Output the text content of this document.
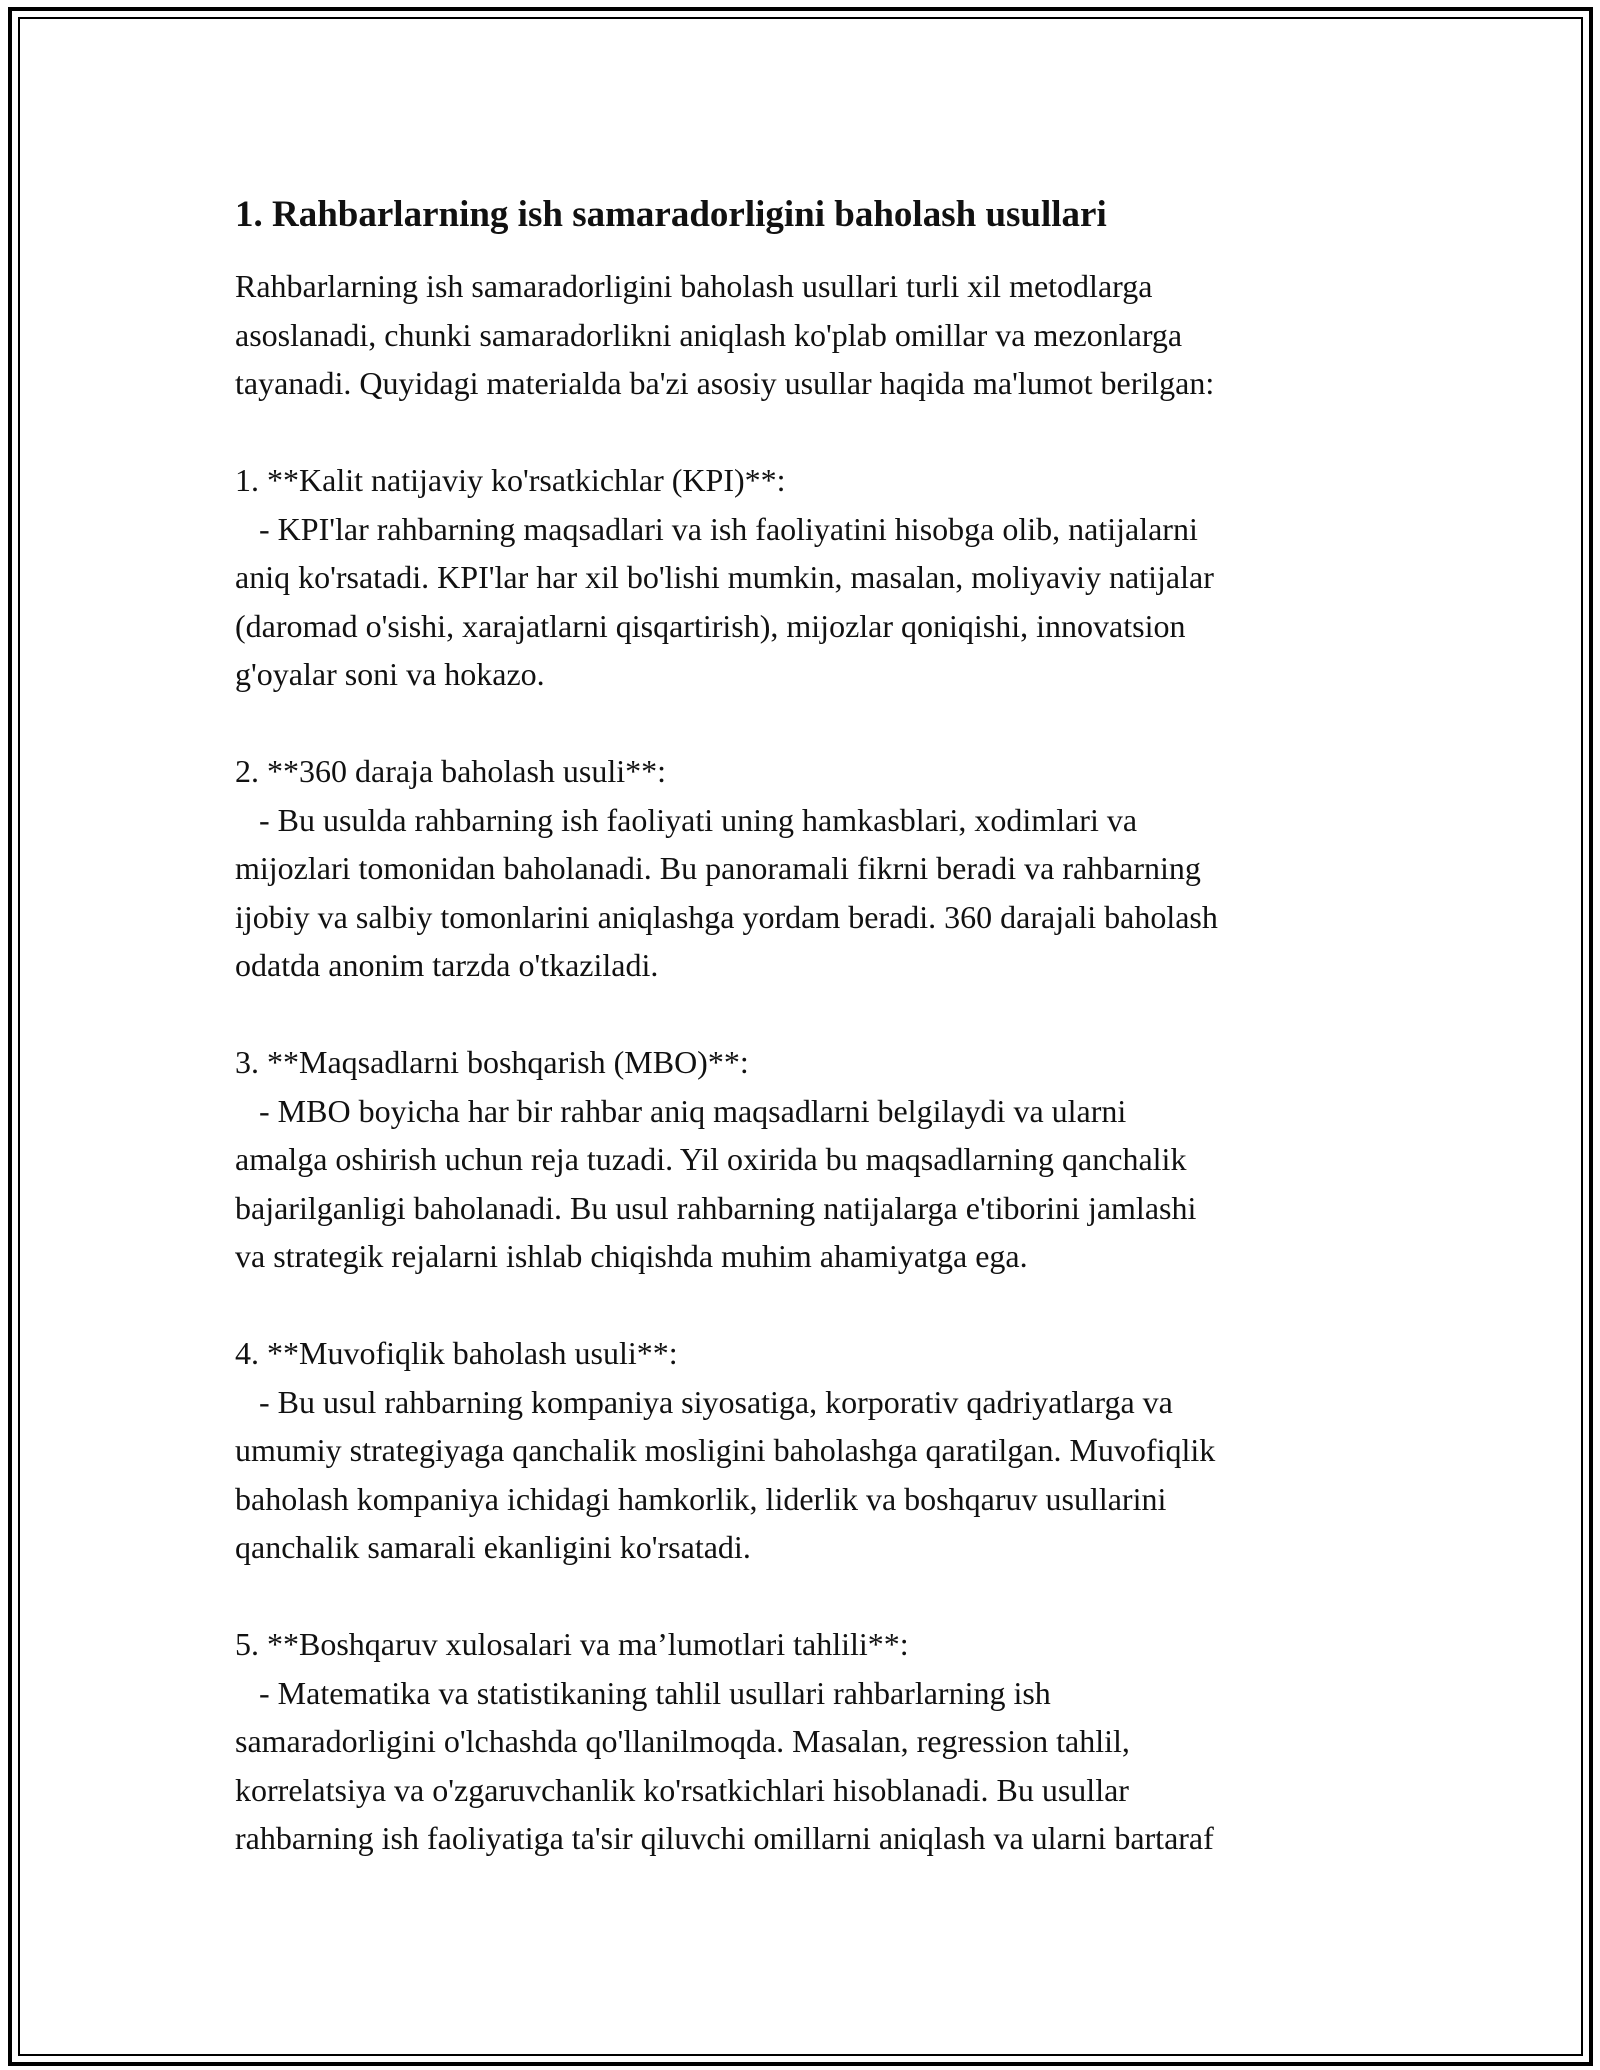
1. Rahbarlarning ish samaradorligini baholash usullari

Rahbarlarning ish samaradorligini baholash usullari turli xil metodlarga
asoslanadi, chunki samaradorlikni aniqlash ko'plab omillar va mezonlarga
tayanadi. Quyidagi materialda ba'zi asosiy usullar haqida ma'lumot berilgan:

1. **Kalit natijaviy ko'rsatkichlar (KPI)**:
- KPI'lar rahbarning maqsadlari va ish faoliyatini hisobga olib, natijalarni
aniq ko'rsatadi. KPI'lar har xil bo'lishi mumkin, masalan, moliyaviy natijalar
(daromad o'sishi, xarajatlarni qisqartirish), mijozlar qoniqishi, innovatsion
g'oyalar soni va hokazo.

2. **360 daraja baholash usuli**:
- Bu usulda rahbarning ish faoliyati uning hamkasblari, xodimlari va
mijozlari tomonidan baholanadi. Bu panoramali fikrni beradi va rahbarning
ijobiy va salbiy tomonlarini aniqlashga yordam beradi. 360 darajali baholash
odatda anonim tarzda o'tkaziladi.

3. **Maqsadlarni boshqarish (MBO)**:
- MBO boyicha har bir rahbar aniq maqsadlarni belgilaydi va ularni
amalga oshirish uchun reja tuzadi. Yil oxirida bu maqsadlarning qanchalik
bajarilganligi baholanadi. Bu usul rahbarning natijalarga e'tiborini jamlashi
va strategik rejalarni ishlab chiqishda muhim ahamiyatga ega.

4. **Muvofiqlik baholash usuli**:
- Bu usul rahbarning kompaniya siyosatiga, korporativ qadriyatlarga va
umumiy strategiyaga qanchalik mosligini baholashga qaratilgan. Muvofiqlik
baholash kompaniya ichidagi hamkorlik, liderlik va boshqaruv usullarini
qanchalik samarali ekanligini ko'rsatadi.

5. **Boshqaruv xulosalari va ma’lumotlari tahlili**:
- Matematika va statistikaning tahlil usullari rahbarlarning ish
samaradorligini o'lchashda qo'llanilmoqda. Masalan, regression tahlil,
korrelatsiya va o'zgaruvchanlik ko'rsatkichlari hisoblanadi. Bu usullar
rahbarning ish faoliyatiga ta'sir qiluvchi omillarni aniqlash va ularni bartaraf
